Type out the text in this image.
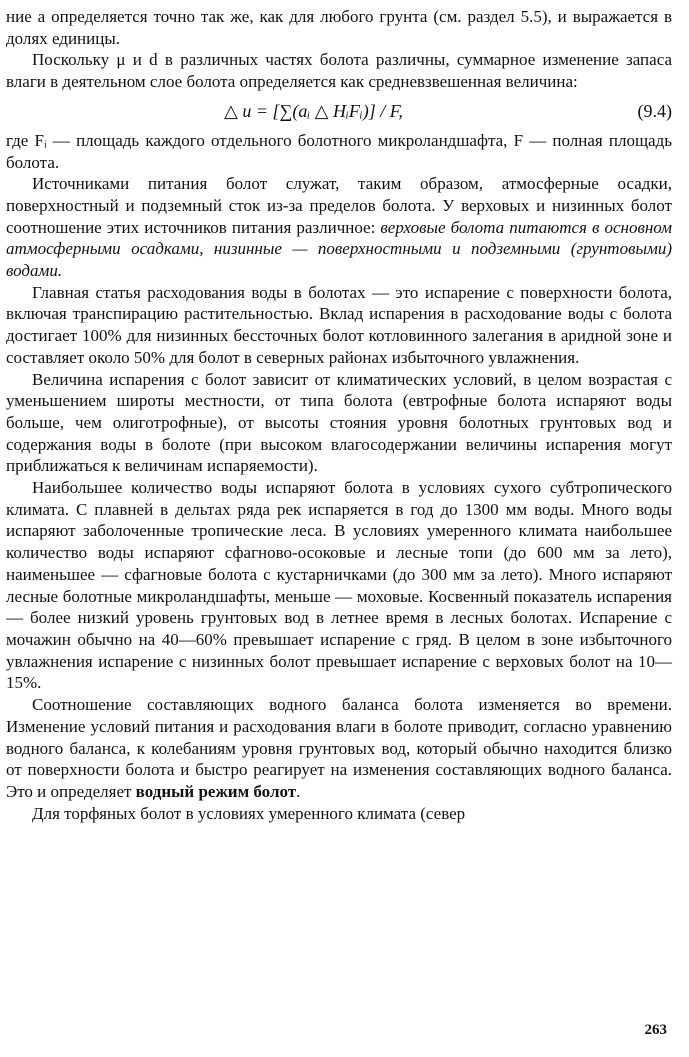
ние a определяется точно так же, как для любого грунта (см. раздел 5.5), и выражается в долях единицы.

Поскольку μ и d в различных частях болота различны, суммарное изменение запаса влаги в деятельном слое болота определяется как средневзвешенная величина:

△ u = [∑(aᵢ △ HᵢFᵢ)] / F,	(9.4)

где Fᵢ — площадь каждого отдельного болотного микроландшафта, F — полная площадь болота.

Источниками питания болот служат, таким образом, атмосферные осадки, поверхностный и подземный сток из-за пределов болота. У верховых и низинных болот соотношение этих источников питания различное: верховые болота питаются в основном атмосферными осадками, низинные — поверхностными и подземными (грунтовыми) водами.

Главная статья расходования воды в болотах — это испарение с поверхности болота, включая транспирацию растительностью. Вклад испарения в расходование воды с болота достигает 100% для низинных бессточных болот котловинного залегания в аридной зоне и составляет около 50% для болот в северных районах избыточного увлажнения.

Величина испарения с болот зависит от климатических условий, в целом возрастая с уменьшением широты местности, от типа болота (евтрофные болота испаряют воды больше, чем олиготрофные), от высоты стояния уровня болотных грунтовых вод и содержания воды в болоте (при высоком влагосодержании величины испарения могут приближаться к величинам испаряемости).

Наибольшее количество воды испаряют болота в условиях сухого субтропического климата. С плавней в дельтах ряда рек испаряется в год до 1300 мм воды. Много воды испаряют заболоченные тропические леса. В условиях умеренного климата наибольшее количество воды испаряют сфагново-осоковые и лесные топи (до 600 мм за лето), наименьшее — сфагновые болота с кустарничками (до 300 мм за лето). Много испаряют лесные болотные микроландшафты, меньше — моховые. Косвенный показатель испарения — более низкий уровень грунтовых вод в летнее время в лесных болотах. Испарение с мочажин обычно на 40—60% превышает испарение с гряд. В целом в зоне избыточного увлажнения испарение с низинных болот превышает испарение с верховых болот на 10—15%.

Соотношение составляющих водного баланса болота изменяется во времени. Изменение условий питания и расходования влаги в болоте приводит, согласно уравнению водного баланса, к колебаниям уровня грунтовых вод, который обычно находится близко от поверхности болота и быстро реагирует на изменения составляющих водного баланса. Это и определяет водный режим болот.

Для торфяных болот в условиях умеренного климата (север

263
